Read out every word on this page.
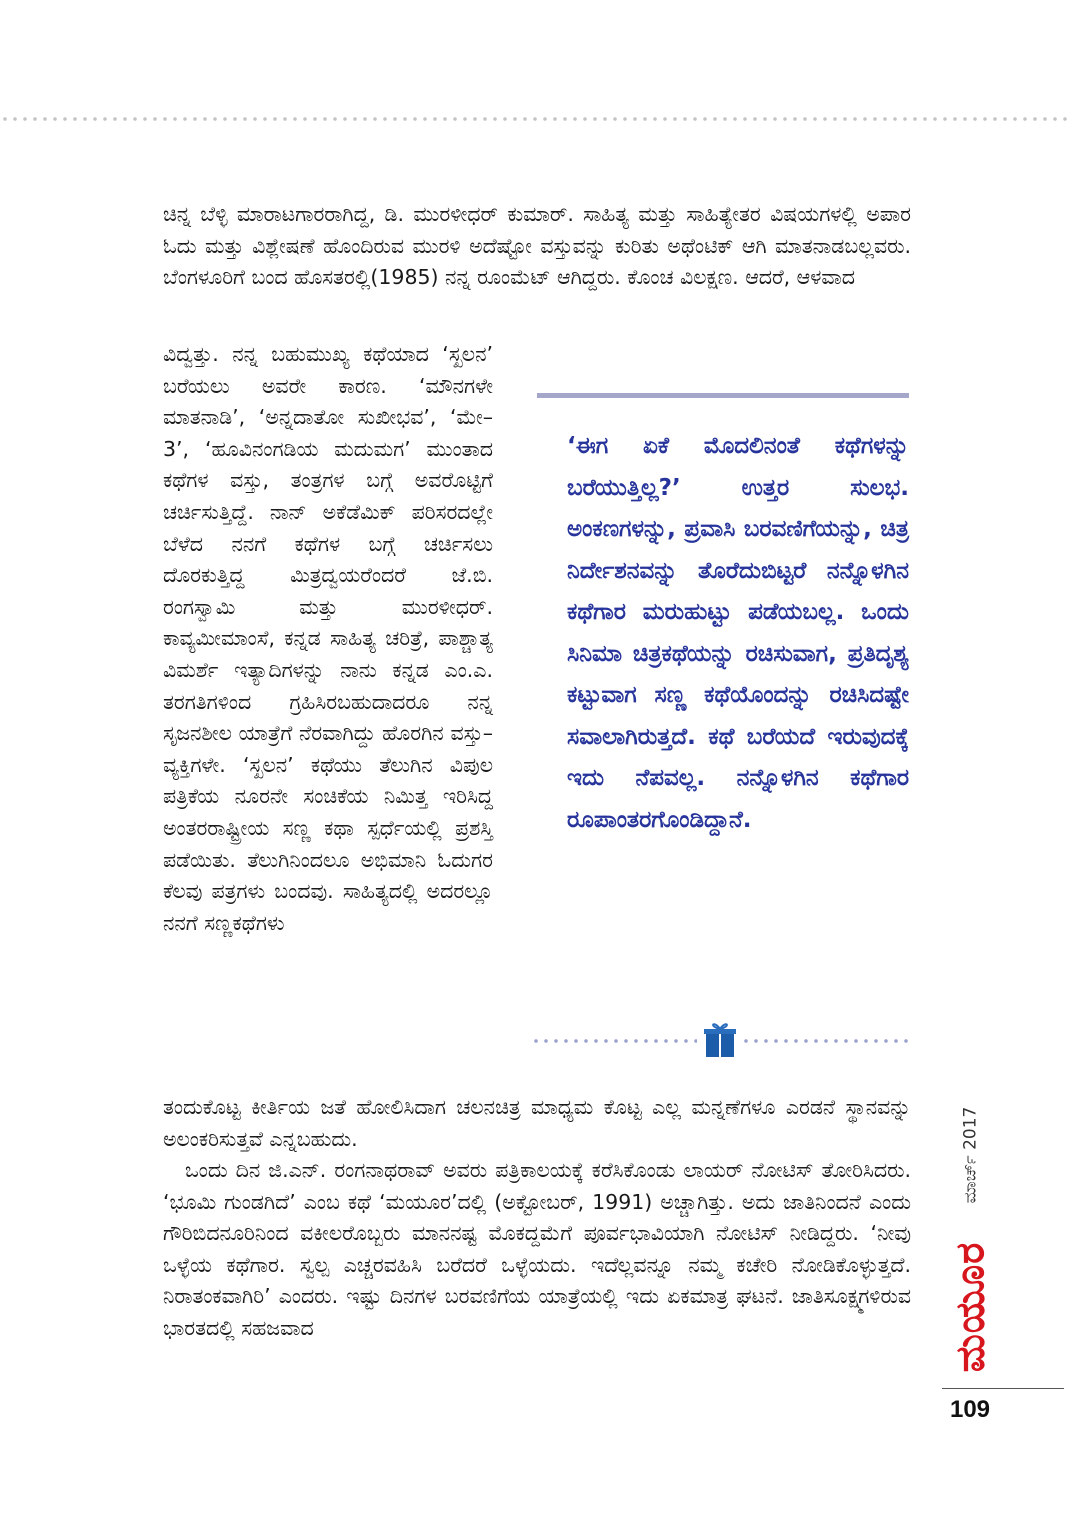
ಚಿನ್ನ ಬೆಳ್ಳಿ ಮಾರಾಟಗಾರರಾಗಿದ್ದ, ಡಿ. ಮುರಳೀಧರ್ ಕುಮಾರ್. ಸಾಹಿತ್ಯ ಮತ್ತು ಸಾಹಿತ್ಯೇತರ ವಿಷಯಗಳಲ್ಲಿ ಅಪಾರ ಓದು ಮತ್ತು ವಿಶ್ಲೇಷಣೆ ಹೊಂದಿರುವ ಮುರಳಿ ಅದೆಷ್ಟೋ ವಸ್ತುವನ್ನು ಕುರಿತು ಅಥೆಂಟಿಕ್ ಆಗಿ ಮಾತನಾಡಬಲ್ಲವರು. ಬೆಂಗಳೂರಿಗೆ ಬಂದ ಹೊಸತರಲ್ಲಿ(1985) ನನ್ನ ರೂಂಮೆಟ್ ಆಗಿದ್ದರು. ಕೊಂಚ ವಿಲಕ್ಷಣ. ಆದರೆ, ಆಳವಾದ

ವಿದ್ವತ್ತು. ನನ್ನ ಬಹುಮುಖ್ಯ ಕಥೆಯಾದ ‘ಸ್ಖಲನ’ ಬರೆಯಲು ಅವರೇ ಕಾರಣ. ‘ಮೌನಗಳೇ ಮಾತನಾಡಿ’, ‘ಅನ್ನದಾತೋ ಸುಖೀಭವ’, ‘ಮೇ–3’, ‘ಹೂವಿನಂಗಡಿಯ ಮದುಮಗ’ ಮುಂತಾದ ಕಥೆಗಳ ವಸ್ತು, ತಂತ್ರಗಳ ಬಗ್ಗೆ ಅವರೊಟ್ಟಿಗೆ ಚರ್ಚಿಸುತ್ತಿದ್ದೆ. ನಾನ್ ಅಕೆಡೆಮಿಕ್ ಪರಿಸರದಲ್ಲೇ ಬೆಳೆದ ನನಗೆ ಕಥೆಗಳ ಬಗ್ಗೆ ಚರ್ಚಿಸಲು ದೊರಕುತ್ತಿದ್ದ ಮಿತ್ರದ್ವಯರೆಂದರೆ ಜೆ.ಬಿ. ರಂಗಸ್ವಾಮಿ ಮತ್ತು ಮುರಳೀಧರ್. ಕಾವ್ಯಮೀಮಾಂಸೆ, ಕನ್ನಡ ಸಾಹಿತ್ಯ ಚರಿತ್ರೆ, ಪಾಶ್ಚಾತ್ಯ ವಿಮರ್ಶೆ ಇತ್ಯಾದಿಗಳನ್ನು ನಾನು ಕನ್ನಡ ಎಂ.ಎ. ತರಗತಿಗಳಿಂದ ಗ್ರಹಿಸಿರಬಹುದಾದರೂ ನನ್ನ ಸೃಜನಶೀಲ ಯಾತ್ರೆಗೆ ನೆರವಾಗಿದ್ದು ಹೊರಗಿನ ವಸ್ತು– ವ್ಯಕ್ತಿಗಳೇ. ‘ಸ್ಖಲನ’ ಕಥೆಯು ತೆಲುಗಿನ ವಿಪುಲ ಪತ್ರಿಕೆಯ ನೂರನೇ ಸಂಚಿಕೆಯ ನಿಮಿತ್ತ ಇರಿಸಿದ್ದ ಅಂತರರಾಷ್ಟ್ರೀಯ ಸಣ್ಣ ಕಥಾ ಸ್ಪರ್ಧೆಯಲ್ಲಿ ಪ್ರಶಸ್ತಿ ಪಡೆಯಿತು. ತೆಲುಗಿನಿಂದಲೂ ಅಭಿಮಾನಿ ಓದುಗರ ಕೆಲವು ಪತ್ರಗಳು ಬಂದವು. ಸಾಹಿತ್ಯದಲ್ಲಿ ಅದರಲ್ಲೂ ನನಗೆ ಸಣ್ಣಕಥೆಗಳು

‘ಈಗ ಏಕೆ ಮೊದಲಿನಂತೆ ಕಥೆಗಳನ್ನು ಬರೆಯುತ್ತಿಲ್ಲ?’ ಉತ್ತರ ಸುಲಭ. ಅಂಕಣಗಳನ್ನು, ಪ್ರವಾಸಿ ಬರವಣಿಗೆಯನ್ನು, ಚಿತ್ರ ನಿರ್ದೇಶನವನ್ನು ತೊರೆದುಬಿಟ್ಟರೆ ನನ್ನೊಳಗಿನ ಕಥೆಗಾರ ಮರುಹುಟ್ಟು ಪಡೆಯಬಲ್ಲ. ಒಂದು ಸಿನಿಮಾ ಚಿತ್ರಕಥೆಯನ್ನು ರಚಿಸುವಾಗ, ಪ್ರತಿದೃಶ್ಯ ಕಟ್ಟುವಾಗ ಸಣ್ಣ ಕಥೆಯೊಂದನ್ನು ರಚಿಸಿದಷ್ಟೇ ಸವಾಲಾಗಿರುತ್ತದೆ. ಕಥೆ ಬರೆಯದೆ ಇರುವುದಕ್ಕೆ ಇದು ನೆಪವಲ್ಲ. ನನ್ನೊಳಗಿನ ಕಥೆಗಾರ ರೂಪಾಂತರಗೊಂಡಿದ್ದಾನೆ.

ತಂದುಕೊಟ್ಟ ಕೀರ್ತಿಯ ಜತೆ ಹೋಲಿಸಿದಾಗ ಚಲನಚಿತ್ರ ಮಾಧ್ಯಮ ಕೊಟ್ಟ ಎಲ್ಲ ಮನ್ನಣೆಗಳೂ ಎರಡನೆ ಸ್ಥಾನವನ್ನು ಅಲಂಕರಿಸುತ್ತವೆ ಎನ್ನಬಹುದು.

ಒಂದು ದಿನ ಜಿ.ಎನ್. ರಂಗನಾಥರಾವ್ ಅವರು ಪತ್ರಿಕಾಲಯಕ್ಕೆ ಕರೆಸಿಕೊಂಡು ಲಾಯರ್ ನೋಟಿಸ್ ತೋರಿಸಿದರು. ‘ಭೂಮಿ ಗುಂಡಗಿದೆ’ ಎಂಬ ಕಥೆ ‘ಮಯೂರ’ದಲ್ಲಿ (ಅಕ್ಟೋಬರ್, 1991) ಅಚ್ಚಾಗಿತ್ತು. ಅದು ಜಾತಿನಿಂದನೆ ಎಂದು ಗೌರಿಬಿದನೂರಿನಿಂದ ವಕೀಲರೊಬ್ಬರು ಮಾನನಷ್ಟ ಮೊಕದ್ದಮೆಗೆ ಪೂರ್ವಭಾವಿಯಾಗಿ ನೋಟಿಸ್ ನೀಡಿದ್ದರು. ‘ನೀವು ಒಳ್ಳೆಯ ಕಥೆಗಾರ. ಸ್ವಲ್ಪ ಎಚ್ಚರವಹಿಸಿ ಬರೆದರೆ ಒಳ್ಳೆಯದು. ಇದೆಲ್ಲವನ್ನೂ ನಮ್ಮ ಕಚೇರಿ ನೋಡಿಕೊಳ್ಳುತ್ತದೆ. ನಿರಾತಂಕವಾಗಿರಿ’ ಎಂದರು. ಇಷ್ಟು ದಿನಗಳ ಬರವಣಿಗೆಯ ಯಾತ್ರೆಯಲ್ಲಿ ಇದು ಏಕಮಾತ್ರ ಘಟನೆ. ಜಾತಿಸೂಕ್ಷ್ಮಗಳಿರುವ ಭಾರತದಲ್ಲಿ ಸಹಜವಾದ

ಮಾರ್ಚ್ 2017
ಮಯೂರ
109
